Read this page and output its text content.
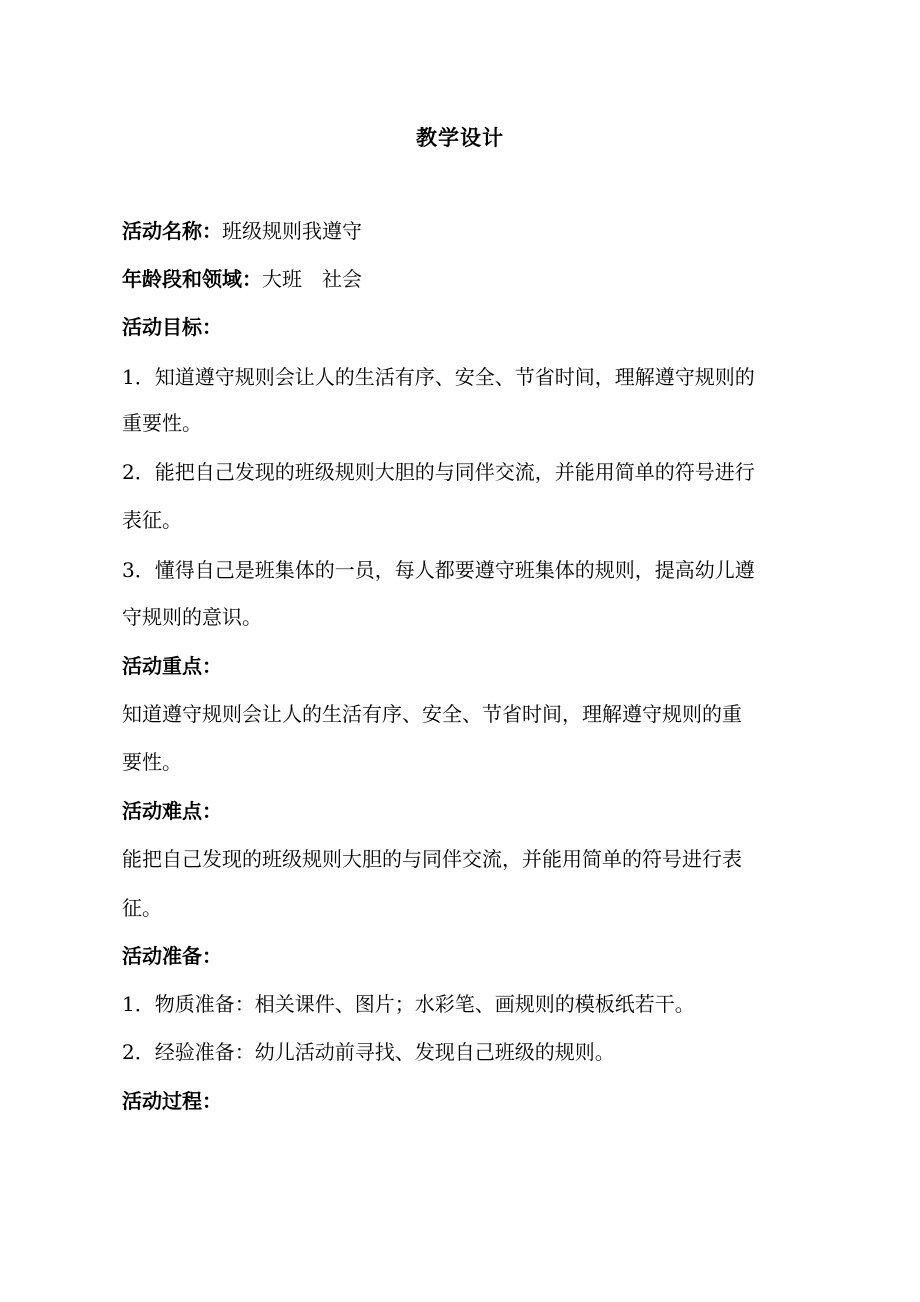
教学设计
活动名称：班级规则我遵守
年龄段和领域：大班　社会
活动目标：
1．知道遵守规则会让人的生活有序、安全、节省时间，理解遵守规则的
重要性。
2．能把自己发现的班级规则大胆的与同伴交流，并能用简单的符号进行
表征。
3．懂得自己是班集体的一员，每人都要遵守班集体的规则，提高幼儿遵
守规则的意识。
活动重点：
知道遵守规则会让人的生活有序、安全、节省时间，理解遵守规则的重
要性。
活动难点：
能把自己发现的班级规则大胆的与同伴交流，并能用简单的符号进行表
征。
活动准备：
1．物质准备：相关课件、图片；水彩笔、画规则的模板纸若干。
2．经验准备：幼儿活动前寻找、发现自己班级的规则。
活动过程：
